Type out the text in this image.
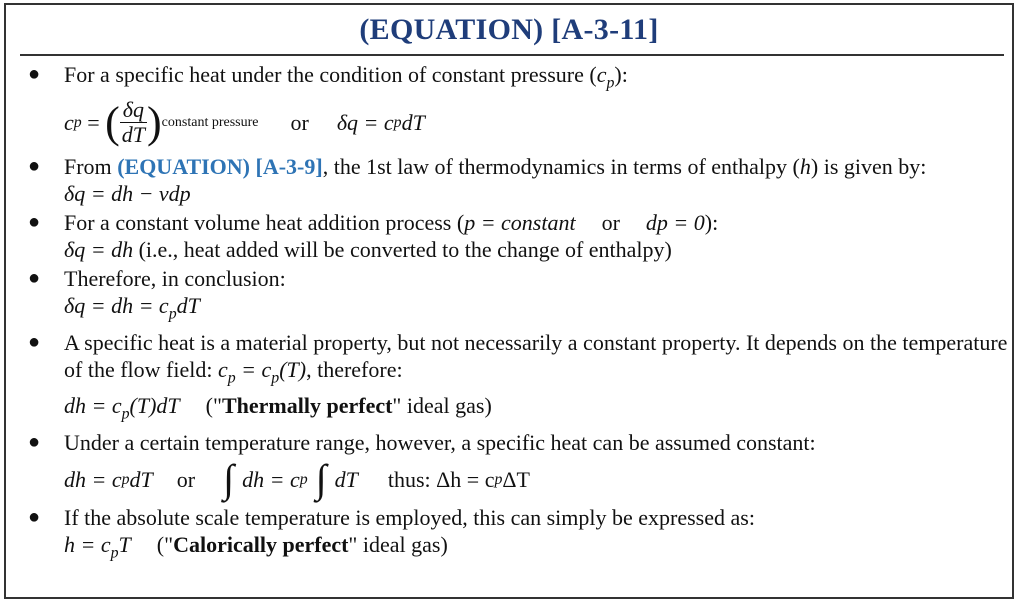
(EQUATION) [A-3-11]
● For a specific heat under the condition of constant pressure $(c_p)$:
c p = ( $\frac{\delta q}{dT}$ ) constant pressure or δq = c p dT
● From (EQUATION) [A-3-9], the 1st law of thermodynamics in terms of enthalpy (h) is given by:
δq = dh − vdp
● For a constant volume heat addition process (p = constant or dp = 0):
δq = dh (i.e., heat added will be converted to the change of enthalpy)
● Therefore, in conclusion:
δq = dh = $c_pdT$
● A specific heat is a material property, but not necessarily a constant property. It depends on the temperature of the flow field: $c_p = c_p(T)$, therefore:
dh = $c_p(T)dT$ ("Thermally perfect" ideal gas)
● Under a certain temperature range, however, a specific heat can be assumed constant:
dh = c p dT or ∫ dh = c p ∫ dT thus: Δh = c p ΔT
● If the absolute scale temperature is employed, this can simply be expressed as:
$h = c_pT$ ("Calorically perfect" ideal gas)
